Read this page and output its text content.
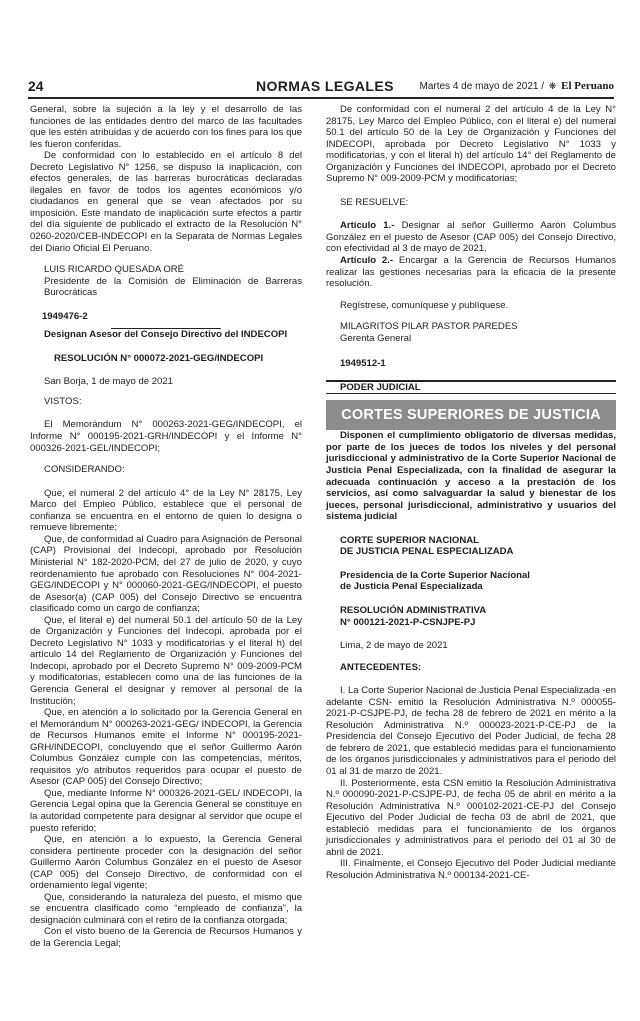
24	NORMAS LEGALES	Martes 4 de mayo de 2021 / ❋ El Peruano

General, sobre la sujeción a la ley y el desarrollo de las funciones de las entidades dentro del marco de las facultades que les estén atribuidas y de acuerdo con los fines para los que les fueron conferidas.

De conformidad con lo establecido en el artículo 8 del Decreto Legislativo N° 1256, se dispuso la inaplicación, con efectos generales, de las barreras burocráticas declaradas ilegales en favor de todos los agentes económicos y/o ciudadanos en general que se vean afectados por su imposición. Este mandato de inaplicación surte efectos a partir del día siguiente de publicado el extracto de la Resolución N° 0260-2020/CEB-INDECOPI en la Separata de Normas Legales del Diario Oficial El Peruano.

LUIS RICARDO QUESADA ORÉ

Presidente de la Comisión de Eliminación de Barreras Burocráticas

1949476-2

Designan Asesor del Consejo Directivo del INDECOPI

RESOLUCIÓN N° 000072-2021-GEG/INDECOPI

San Borja, 1 de mayo de 2021

VISTOS:

El Memorándum N° 000263-2021-GEG/INDECOPI, el Informe N° 000195-2021-GRH/INDECOPI y el Informe N° 000326-2021-GEL/INDECOPI;

CONSIDERANDO:

Que, el numeral 2 del artículo 4° de la Ley N° 28175, Ley Marco del Empleo Público, establece que el personal de confianza se encuentra en el entorno de quien lo designa o remueve libremente;

Que, de conformidad al Cuadro para Asignación de Personal (CAP) Provisional del Indecopi, aprobado por Resolución Ministerial N° 182-2020-PCM, del 27 de julio de 2020, y cuyo reordenamiento fue aprobado con Resoluciones N° 004-2021-GEG/INDECOPI y N° 000060-2021-GEG/INDECOPI, el puesto de Asesor(a) (CAP 005) del Consejo Directivo se encuentra clasificado como un cargo de confianza;

Que, el literal e) del numeral 50.1 del artículo 50 de la Ley de Organización y Funciones del Indecopi, aprobada por el Decreto Legislativo N° 1033 y modificatorias y el literal h) del artículo 14 del Reglamento de Organización y Funciones del Indecopi, aprobado por el Decreto Supremo N° 009-2009-PCM y modificatorias, establecen como una de las funciones de la Gerencia General el designar y remover al personal de la Institución;

Que, en atención a lo solicitado por la Gerencia General en el Memorándum N° 000263-2021-GEG/ INDECOPI, la Gerencia de Recursos Humanos emite el Informe N° 000195-2021-GRH/INDECOPI, concluyendo que el señor Guillermo Aarón Columbus González cumple con las competencias, méritos, requisitos y/o atributos requeridos para ocupar el puesto de Asesor (CAP 005) del Consejo Directivo;

Que, mediante Informe N° 000326-2021-GEL/ INDECOPI, la Gerencia Legal opina que la Gerencia General se constituye en la autoridad competente para designar al servidor que ocupe el puesto referido;

Que, en atención a lo expuesto, la Gerencia General considera pertinente proceder con la designación del señor Guillermo Aarón Columbus González en el puesto de Asesor (CAP 005) del Consejo Directivo, de conformidad con el ordenamiento legal vigente;

Que, considerando la naturaleza del puesto, el mismo que se encuentra clasificado como “empleado de confianza”, la designación culminará con el retiro de la confianza otorgada;

Con el visto bueno de la Gerencia de Recursos Humanos y de la Gerencia Legal;

De conformidad con el numeral 2 del artículo 4 de la Ley N° 28175, Ley Marco del Empleo Público, con el literal e) del numeral 50.1 del artículo 50 de la Ley de Organización y Funciones del INDECOPI, aprobada por Decreto Legislativo N° 1033 y modificatorias, y con el literal h) del artículo 14° del Reglamento de Organización y Funciones del INDECOPI, aprobado por el Decreto Supremo N° 009-2009-PCM y modificatorias;

SE RESUELVE:

Artículo 1.- Designar al señor Guillermo Aarón Columbus González en el puesto de Asesor (CAP 005) del Consejo Directivo, con efectividad al 3 de mayo de 2021.

Artículo 2.- Encargar a la Gerencia de Recursos Humanos realizar las gestiones necesarias para la eficacia de la presente resolución.

Regístrese, comuníquese y publíquese.

MILAGRITOS PILAR PASTOR PAREDES

Gerenta General

1949512-1

PODER JUDICIAL

CORTES SUPERIORES DE JUSTICIA

Disponen el cumplimiento obligatorio de diversas medidas, por parte de los jueces de todos los niveles y del personal jurisdiccional y administrativo de la Corte Superior Nacional de Justicia Penal Especializada, con la finalidad de asegurar la adecuada continuación y acceso a la prestación de los servicios, así como salvaguardar la salud y bienestar de los jueces, personal jurisdiccional, administrativo y usuarios del sistema judicial

CORTE SUPERIOR NACIONAL

DE JUSTICIA PENAL ESPECIALIZADA

Presidencia de la Corte Superior Nacional

de Justicia Penal Especializada

RESOLUCIÓN ADMINISTRATIVA

N° 000121-2021-P-CSNJPE-PJ

Lima, 2 de mayo de 2021

ANTECEDENTES:

I. La Corte Superior Nacional de Justicia Penal Especializada -en adelante CSN- emitió la Resolución Administrativa N.º 000055-2021-P-CSJPE-PJ, de fecha 28 de febrero de 2021 en mérito a la Resolución Administrativa N.º 000023-2021-P-CE-PJ de la Presidencia del Consejo Ejecutivo del Poder Judicial, de fecha 28 de febrero de 2021, que estableció medidas para el funcionamiento de los órganos jurisdiccionales y administrativos para el periodo del 01 al 31 de marzo de 2021.

II. Posteriormente, esta CSN emitió la Resolución Administrativa N.º 000090-2021-P-CSJPE-PJ, de fecha 05 de abril en mérito a la Resolución Administrativa N.º 000102-2021-CE-PJ del Consejo Ejecutivo del Poder Judicial de fecha 03 de abril de 2021, que estableció medidas para el funcionamiento de los órganos jurisdiccionales y administrativos para el periodo del 01 al 30 de abril de 2021.

III. Finalmente, el Consejo Ejecutivo del Poder Judicial mediante Resolución Administrativa N.º 000134-2021-CE-
